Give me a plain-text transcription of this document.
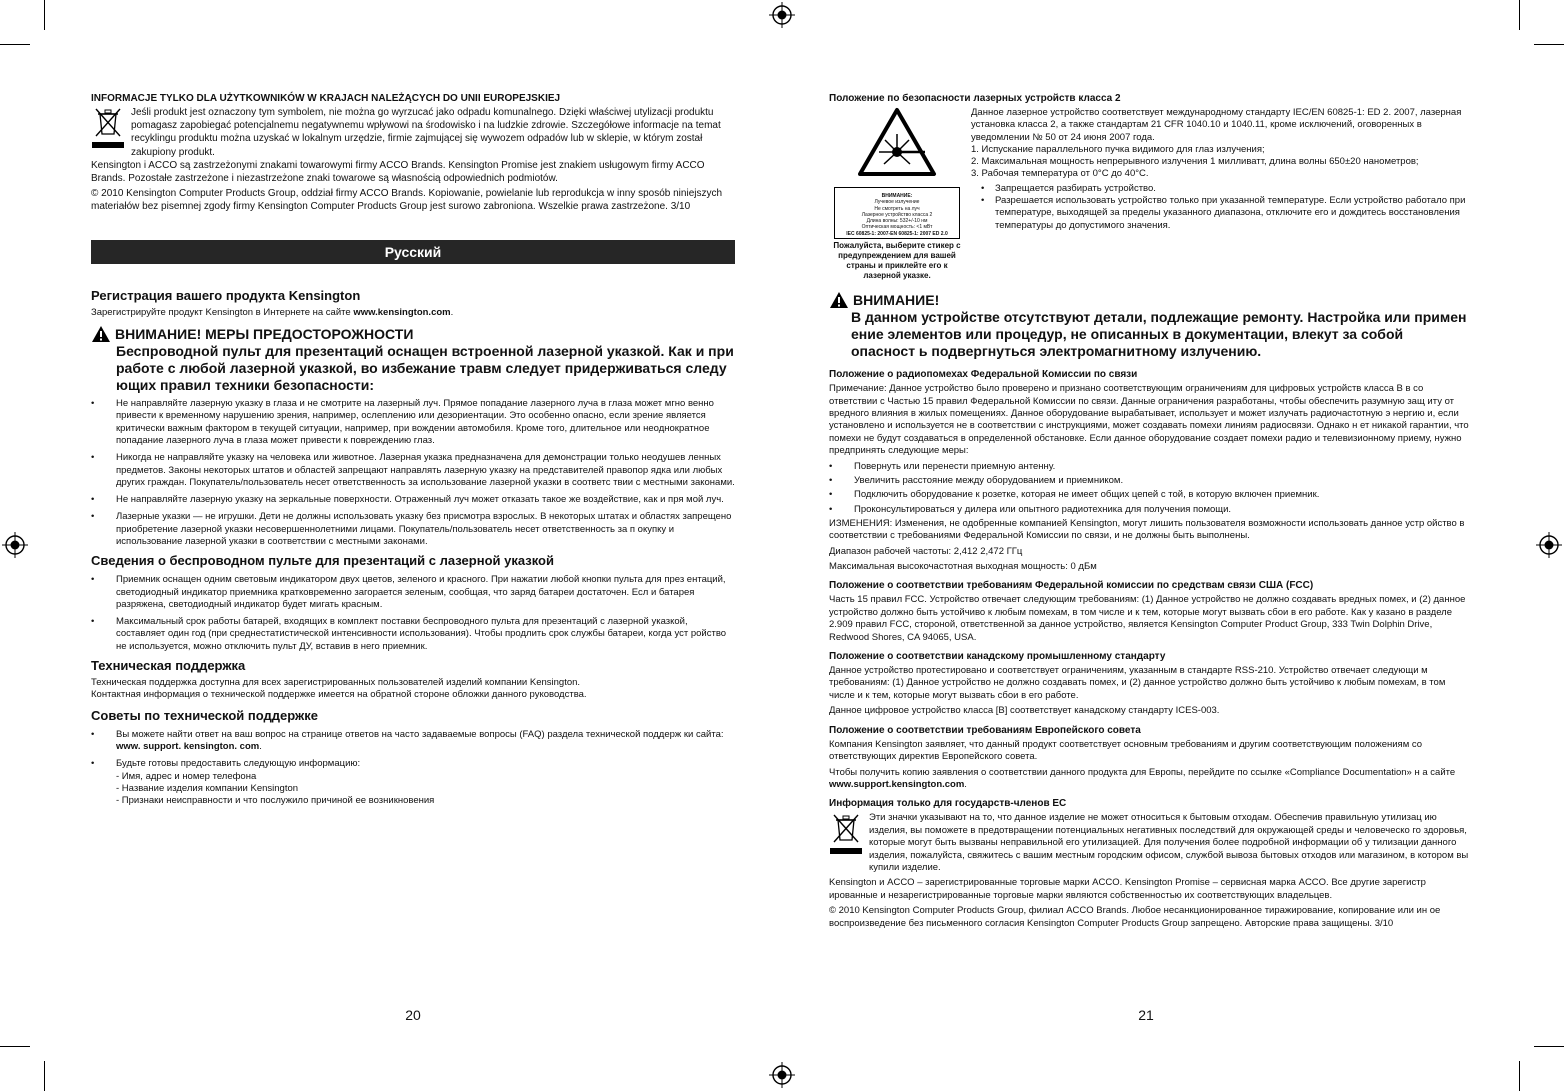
INFORMACJE TYLKO DLA UŻYTKOWNIKÓW W KRAJACH NALEŻĄCYCH DO UNII EUROPEJSKIEJ
Jeśli produkt jest oznaczony tym symbolem, nie można go wyrzucać jako odpadu komunalnego. Dzięki właściwej utylizacji produktu pomagasz zapobiegać potencjalnemu negatywnemu wpływowi na środowisko i na ludzkie zdrowie. Szczegółowe informacje na temat recyklingu produktu można uzyskać w lokalnym urzędzie, firmie zajmującej się wywozem odpadów lub w sklepie, w którym został zakupiony produkt.
Kensington i ACCO są zastrzeżonymi znakami towarowymi firmy ACCO Brands. Kensington Promise jest znakiem usługowym firmy ACCO Brands. Pozostałe zastrzeżone i niezastrzeżone znaki towarowe są własnością odpowiednich podmiotów.
© 2010 Kensington Computer Products Group, oddział firmy ACCO Brands. Kopiowanie, powielanie lub reprodukcja w inny sposób niniejszych materiałów bez pisemnej zgody firmy Kensington Computer Products Group jest surowo zabroniona. Wszelkie prawa zastrzeżone. 3/10
Русский
Регистрация вашего продукта Kensington
Зарегистрируйте продукт Kensington в Интернете на сайте www.kensington.com.
ВНИМАНИЕ! МЕРЫ ПРЕДОСТОРОЖНОСТИ
Беспроводной пульт для презентаций оснащен встроенной лазерной указкой. Как и при работе с любой лазерной указкой, во избежание травм следует придерживаться следу ющих правил техники безопасности:
• Не направляйте лазерную указку в глаза и не смотрите на лазерный луч. Прямое попадание лазерного луча в глаза может мгно венно привести к временному нарушению зрения, например, ослеплению или дезориентации. Это особенно опасно, если зрение является критически важным фактором в текущей ситуации, например, при вождении автомобиля. Кроме того, длительное или неоднократное попадание лазерного луча в глаза может привести к повреждению глаз.
• Никогда не направляйте указку на человека или животное. Лазерная указка предназначена для демонстрации только неодушев ленных предметов. Законы некоторых штатов и областей запрещают направлять лазерную указку на представителей правопор ядка или любых других граждан. Покупатель/пользователь несет ответственность за использование лазерной указки в соответс твии с местными законами.
• Не направляйте лазерную указку на зеркальные поверхности. Отраженный луч может отказать такое же воздействие, как и пря мой луч.
• Лазерные указки — не игрушки. Дети не должны использовать указку без присмотра взрослых. В некоторых штатах и областях запрещено приобретение лазерной указки несовершеннолетними лицами. Покупатель/пользователь несет ответственность за п окупку и использование лазерной указки в соответствии с местными законами.
Сведения о беспроводном пульте для презентаций с лазерной указкой
• Приемник оснащен одним световым индикатором двух цветов, зеленого и красного. При нажатии любой кнопки пульта для през ентаций, светодиодный индикатор приемника кратковременно загорается зеленым, сообщая, что заряд батареи достаточен. Есл и батарея разряжена, светодиодный индикатор будет мигать красным.
• Максимальный срок работы батарей, входящих в комплект поставки беспроводного пульта для презентаций с лазерной указкой, составляет один год (при среднестатистической интенсивности использования). Чтобы продлить срок службы батареи, когда уст ройство не используется, можно отключить пульт ДУ, вставив в него приемник.
Техническая поддержка
Техническая поддержка доступна для всех зарегистрированных пользователей изделий компании Kensington.
Контактная информация о технической поддержке имеется на обратной стороне обложки данного руководства.
Советы по технической поддержке
• Вы можете найти ответ на ваш вопрос на странице ответов на часто задаваемые вопросы (FAQ) раздела технической поддерж ки сайта: www. support. kensington. com.
• Будьте готовы предоставить следующую информацию:
- Имя, адрес и номер телефона
- Название изделия компании Kensington
- Признаки неисправности и что послужило причиной ее возникновения
20
Положение по безопасности лазерных устройств класса 2
ВНИМАНИЕ:
Лучевое излучение
Не смотреть на луч
Лазерное устройство класса 2
Длина волны: 532+/-10 нм
Оптическая мощность: <1 мВт
IEC 60825-1: 2007-EN 60825-1: 2007 ED 2.0
Пожалуйста, выберите стикер с предупреждением для вашей страны и приклейте его к лазерной указке.
Данное лазерное устройство соответствует международному стандарту IEC/EN 60825-1: ED 2. 2007, лазерная установка класса 2, а также стандартам 21 CFR 1040.10 и 1040.11, кроме исключений, оговоренных в уведомлении № 50 от 24 июня 2007 года.
1. Испускание параллельного пучка видимого для глаз излучения;
2. Максимальная мощность непрерывного излучения 1 милливатт, длина волны 650±20 нанометров;
3. Рабочая температура от 0°C до 40°C.
• Запрещается разбирать устройство.
• Разрешается использовать устройство только при указанной температуре. Если устройство работало при температуре, выходящей за пределы указанного диапазона, отключите его и дождитесь восстановления температуры до допустимого значения.
ВНИМАНИЕ!
В данном устройстве отсутствуют детали, подлежащие ремонту. Настройка или примен ение элементов или процедур, не описанных в документации, влекут за собой опасност ь подвергнуться электромагнитному излучению.
Положение о радиопомехах Федеральной Комиссии по связи
Примечание: Данное устройство было проверено и признано соответствующим ограничениям для цифровых устройств класса B в со ответствии с Частью 15 правил Федеральной Комиссии по связи. Данные ограничения разработаны, чтобы обеспечить разумную защ иту от вредного влияния в жилых помещениях. Данное оборудование вырабатывает, использует и может излучать радиочастотную э нергию и, если установлено и используется не в соответствии с инструкциями, может создавать помехи линиям радиосвязи. Однако н ет никакой гарантии, что помехи не будут создаваться в определенной обстановке. Если данное оборудование создает помехи радио и телевизионному приему, нужно предпринять следующие меры:
• Повернуть или перенести приемную антенну.
• Увеличить расстояние между оборудованием и приемником.
• Подключить оборудование к розетке, которая не имеет общих цепей с той, в которую включен приемник.
• Проконсультироваться у дилера или опытного радиотехника для получения помощи.
ИЗМЕНЕНИЯ: Изменения, не одобренные компанией Kensington, могут лишить пользователя возможности использовать данное устр ойство в соответствии с требованиями Федеральной Комиссии по связи, и не должны быть выполнены.
Диапазон рабочей частоты: 2,412 2,472 ГГц
Максимальная высокочастотная выходная мощность: 0 дБм
Положение о соответствии требованиям Федеральной комиссии по средствам связи США (FCC)
Часть 15 правил FCC. Устройство отвечает следующим требованиям: (1) Данное устройство не должно создавать вредных помех, и (2) данное устройство должно быть устойчиво к любым помехам, в том числе и к тем, которые могут вызвать сбои в его работе. Как у казано в разделе 2.909 правил FCC, стороной, ответственной за данное устройство, является Kensington Computer Product Group, 333 Twin Dolphin Drive, Redwood Shores, CA 94065, USA.
Положение о соответствии канадскому промышленному стандарту
Данное устройство протестировано и соответствует ограничениям, указанным в стандарте RSS-210. Устройство отвечает следующи м требованиям: (1) Данное устройство не должно создавать помех, и (2) данное устройство должно быть устойчиво к любым помехам, в том числе и к тем, которые могут вызвать сбои в его работе.
Данное цифровое устройство класса [B] соответствует канадскому стандарту ICES-003.
Положение о соответствии требованиям Европейского совета
Компания Kensington заявляет, что данный продукт соответствует основным требованиям и другим соответствующим положениям со ответствующих директив Европейского совета.
Чтобы получить копию заявления о соответствии данного продукта для Европы, перейдите по ссылке «Compliance Documentation» н а сайте www.support.kensington.com.
Информация только для государств-членов ЕС
Эти значки указывают на то, что данное изделие не может относиться к бытовым отходам. Обеспечив правильную утилизац ию изделия, вы поможете в предотвращении потенциальных негативных последствий для окружающей среды и человеческо го здоровья, которые могут быть вызваны неправильной его утилизацией. Для получения более подробной информации об у тилизации данного изделия, пожалуйста, свяжитесь с вашим местным городским офисом, службой вывоза бытовых отходов или магазином, в котором вы купили изделие.
Kensington и ACCO – зарегистрированные торговые марки ACCO. Kensington Promise – сервисная марка ACCO. Все другие зарегистр ированные и незарегистрированные торговые марки являются собственностью их соответствующих владельцев.
© 2010 Kensington Computer Products Group, филиал ACCO Brands. Любое несанкционированное тиражирование, копирование или ин ое воспроизведение без письменного согласия Kensington Computer Products Group запрещено. Авторские права защищены. 3/10
21
